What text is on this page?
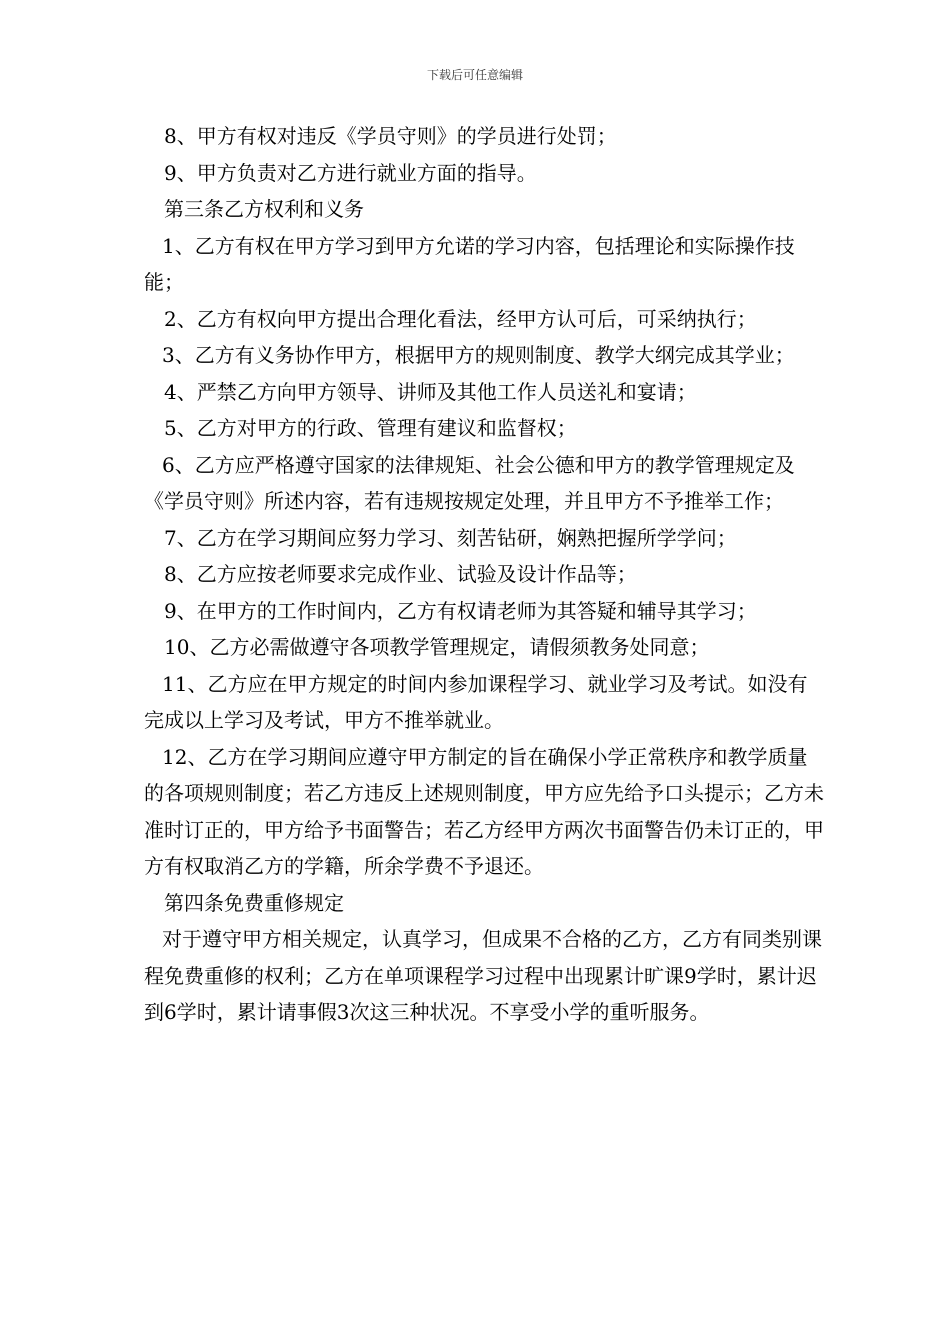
下载后可任意编辑

8、甲方有权对违反《学员守则》的学员进行处罚；

9、甲方负责对乙方进行就业方面的指导。

第三条乙方权利和义务

1、乙方有权在甲方学习到甲方允诺的学习内容，包括理论和实际操作技能；

2、乙方有权向甲方提出合理化看法，经甲方认可后，可采纳执行；

3、乙方有义务协作甲方，根据甲方的规则制度、教学大纲完成其学业；

4、严禁乙方向甲方领导、讲师及其他工作人员送礼和宴请；

5、乙方对甲方的行政、管理有建议和监督权；

6、乙方应严格遵守国家的法律规矩、社会公德和甲方的教学管理规定及《学员守则》所述内容，若有违规按规定处理，并且甲方不予推举工作；

7、乙方在学习期间应努力学习、刻苦钻研，娴熟把握所学学问；

8、乙方应按老师要求完成作业、试验及设计作品等；

9、在甲方的工作时间内，乙方有权请老师为其答疑和辅导其学习；

10、乙方必需做遵守各项教学管理规定，请假须教务处同意；

11、乙方应在甲方规定的时间内参加课程学习、就业学习及考试。如没有完成以上学习及考试，甲方不推举就业。

12、乙方在学习期间应遵守甲方制定的旨在确保小学正常秩序和教学质量的各项规则制度；若乙方违反上述规则制度，甲方应先给予口头提示；乙方未准时订正的，甲方给予书面警告；若乙方经甲方两次书面警告仍未订正的，甲方有权取消乙方的学籍，所余学费不予退还。

第四条免费重修规定

对于遵守甲方相关规定，认真学习，但成果不合格的乙方，乙方有同类别课程免费重修的权利；乙方在单项课程学习过程中出现累计旷课9学时，累计迟到6学时，累计请事假3次这三种状况。不享受小学的重听服务。
